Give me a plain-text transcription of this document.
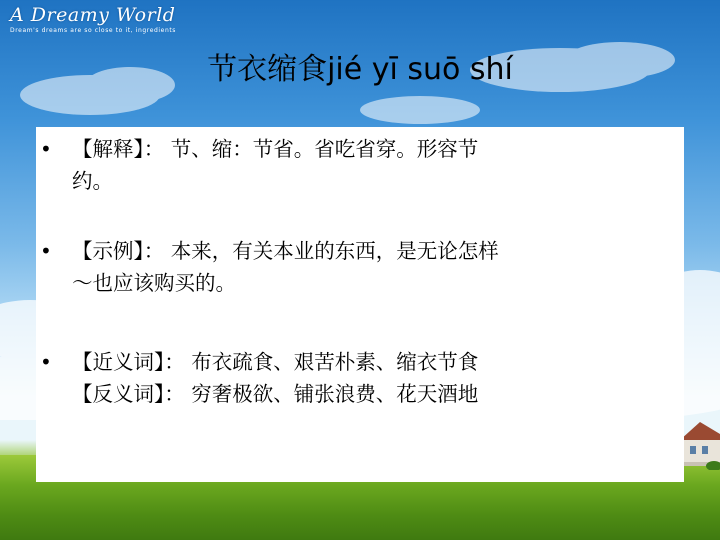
A Dreamy World
Dream's dreams are so close to it, ingredients
节衣缩食jié yī suō shí
• 【解释】： 节、缩：节省。省吃省穿。形容节
约。
• 【示例】： 本来，有关本业的东西，是无论怎样
～也应该购买的。
• 【近义词】： 布衣疏食、艰苦朴素、缩衣节食
【反义词】： 穷奢极欲、铺张浪费、花天酒地
